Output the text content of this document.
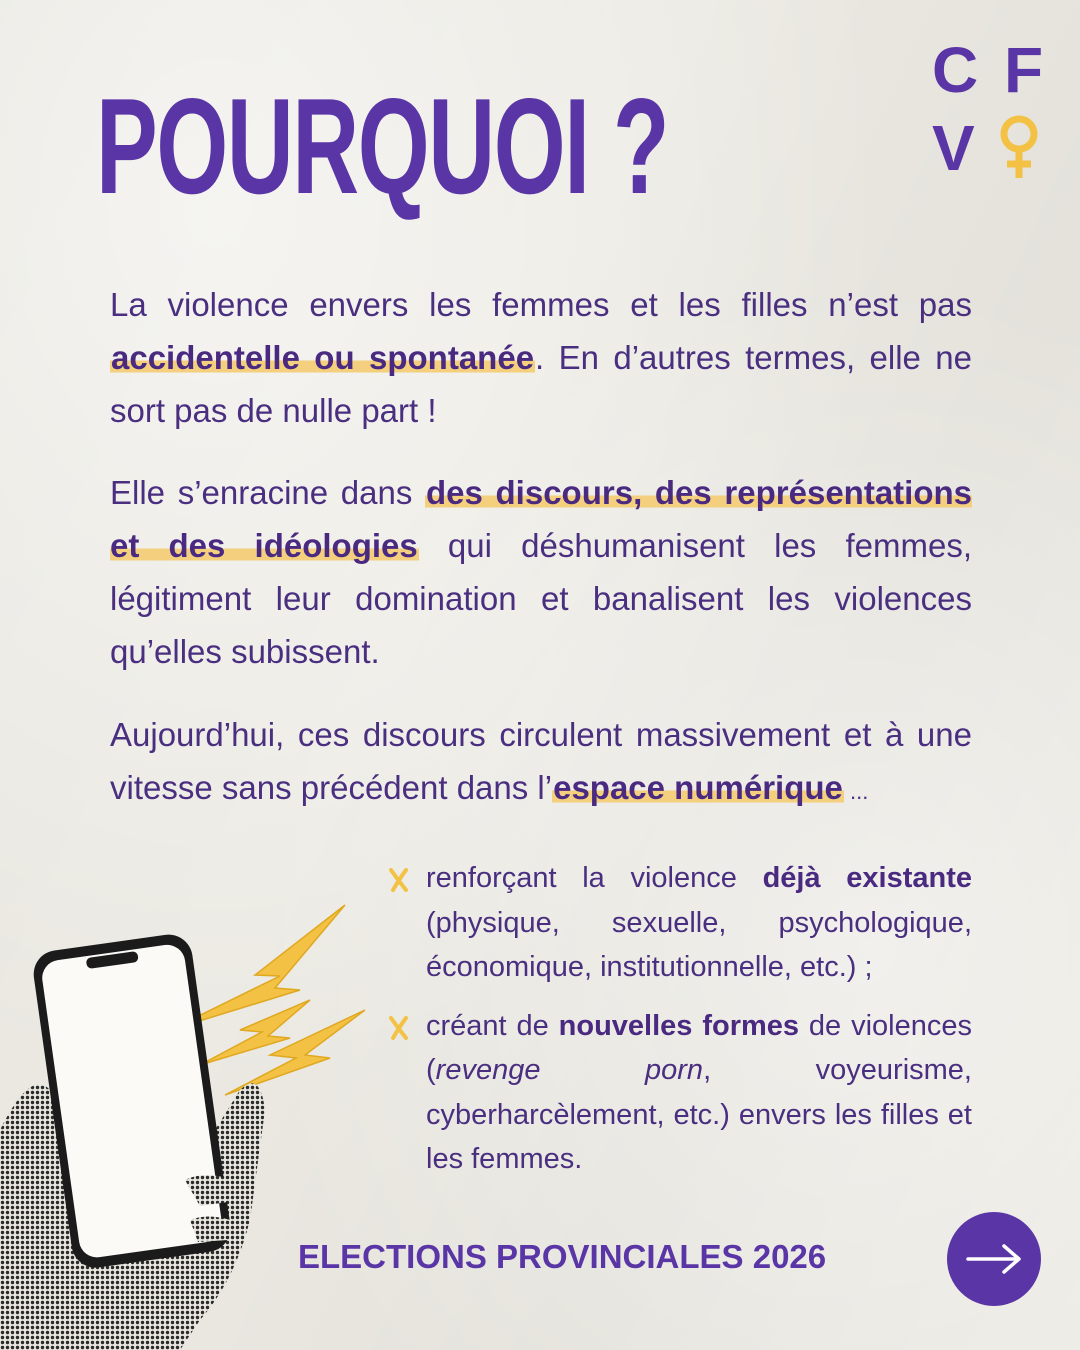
POURQUOI ?	C F
V

La violence envers les femmes et les filles n’est pas accidentelle ou spontanée. En d’autres termes, elle ne sort pas de nulle part !

Elle s’enracine dans des discours, des représentations et des idéologies qui déshumanisent les femmes, légitiment leur domination et banalisent les violences qu’elles subissent.

Aujourd’hui, ces discours circulent massivement et à une vitesse sans précédent dans l’espace numérique ...

renforçant la violence déjà existante (physique, sexuelle, psychologique, économique, institutionnelle, etc.) ;
créant de nouvelles formes de violences (revenge porn, voyeurisme, cyberharcèlement, etc.) envers les filles et les femmes.
ELECTIONS PROVINCIALES 2026
